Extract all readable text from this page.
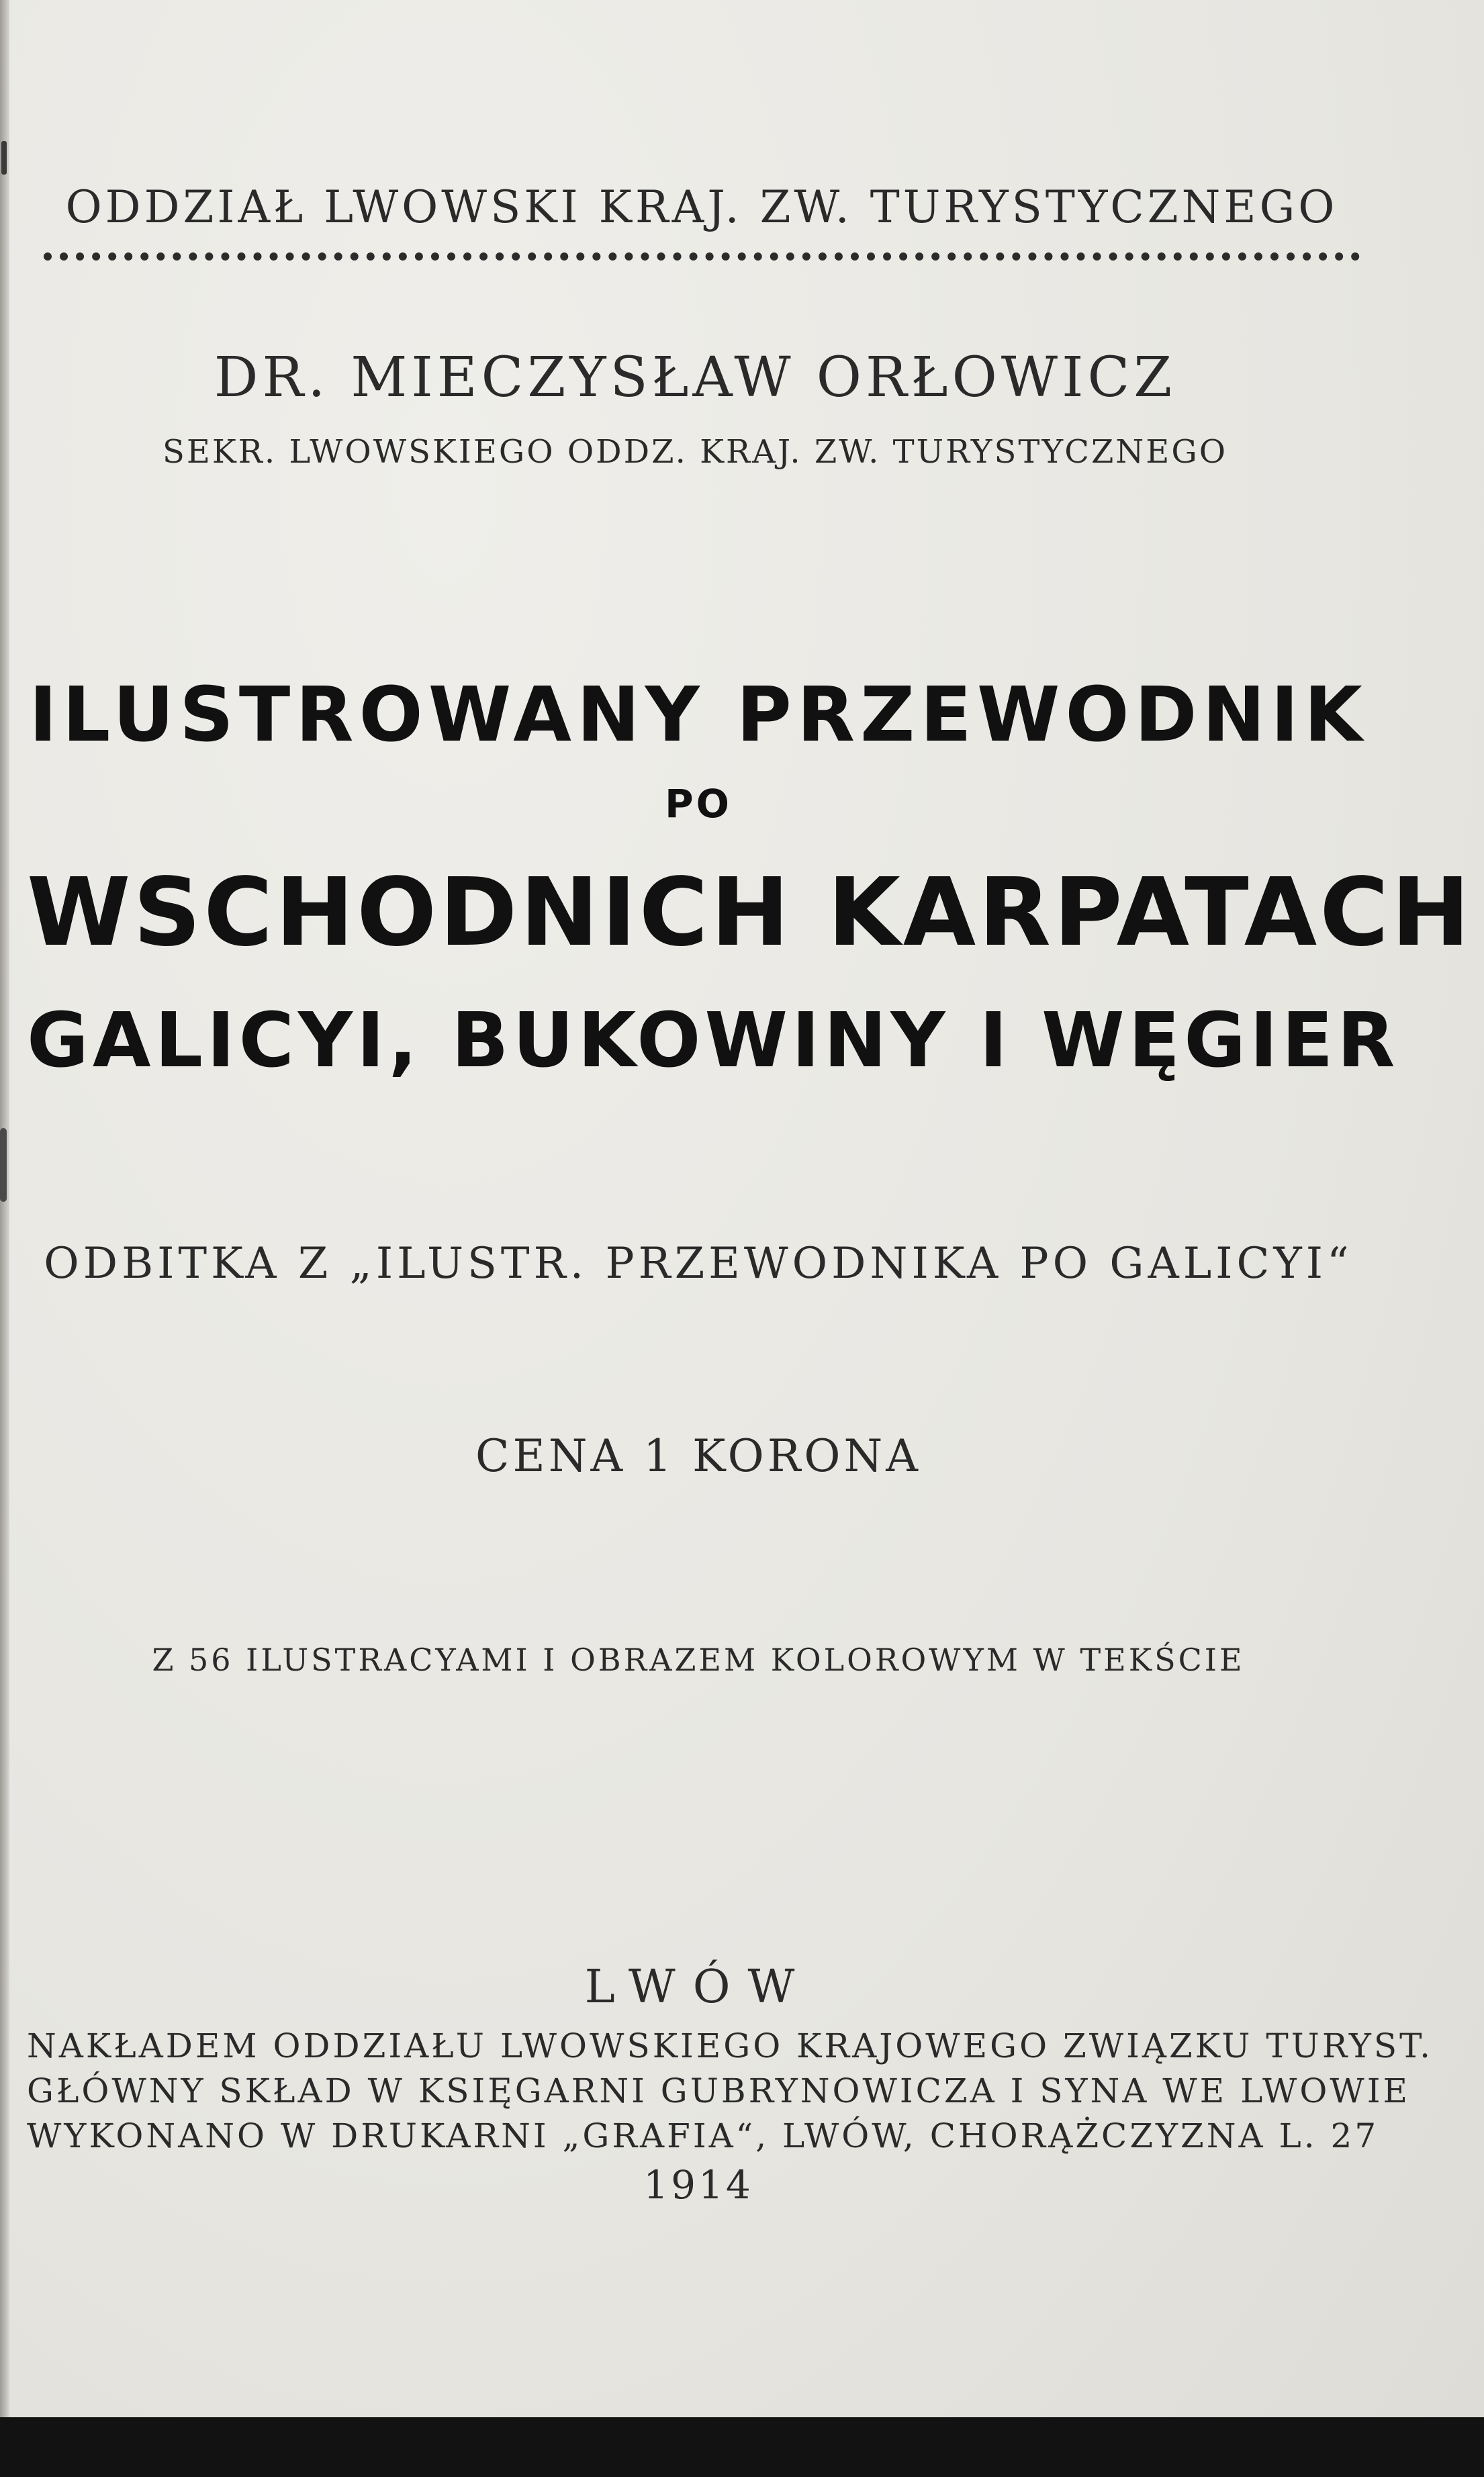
ODDZIAŁ LWOWSKI KRAJ. ZW. TURYSTYCZNEGO
DR. MIECZYSŁAW ORŁOWICZ
SEKR. LWOWSKIEGO ODDZ. KRAJ. ZW. TURYSTYCZNEGO
ILUSTROWANY PRZEWODNIK
PO
WSCHODNICH KARPATACH
GALICYI, BUKOWINY I WĘGIER
ODBITKA Z „ILUSTR. PRZEWODNIKA PO GALICYI“
CENA 1 KORONA
Z 56 ILUSTRACYAMI I OBRAZEM KOLOROWYM W TEKŚCIE
LWÓW
NAKŁADEM ODDZIAŁU LWOWSKIEGO KRAJOWEGO ZWIĄZKU TURYST.
GŁÓWNY SKŁAD W KSIĘGARNI GUBRYNOWICZA I SYNA WE LWOWIE
WYKONANO W DRUKARNI „GRAFIA“, LWÓW, CHORĄŻCZYZNA L. 27
1914
